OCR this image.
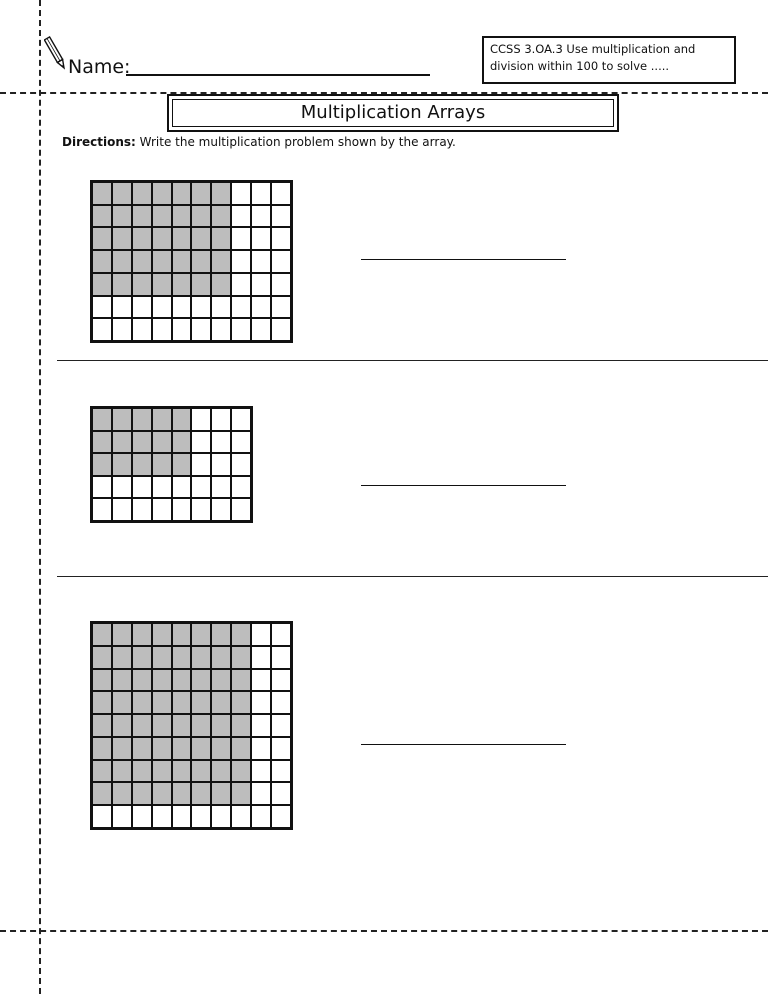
Name:
CCSS 3.OA.3 Use multiplication and
division within 100 to solve .....
Multiplication Arrays
Directions: Write the multiplication problem shown by the array.
